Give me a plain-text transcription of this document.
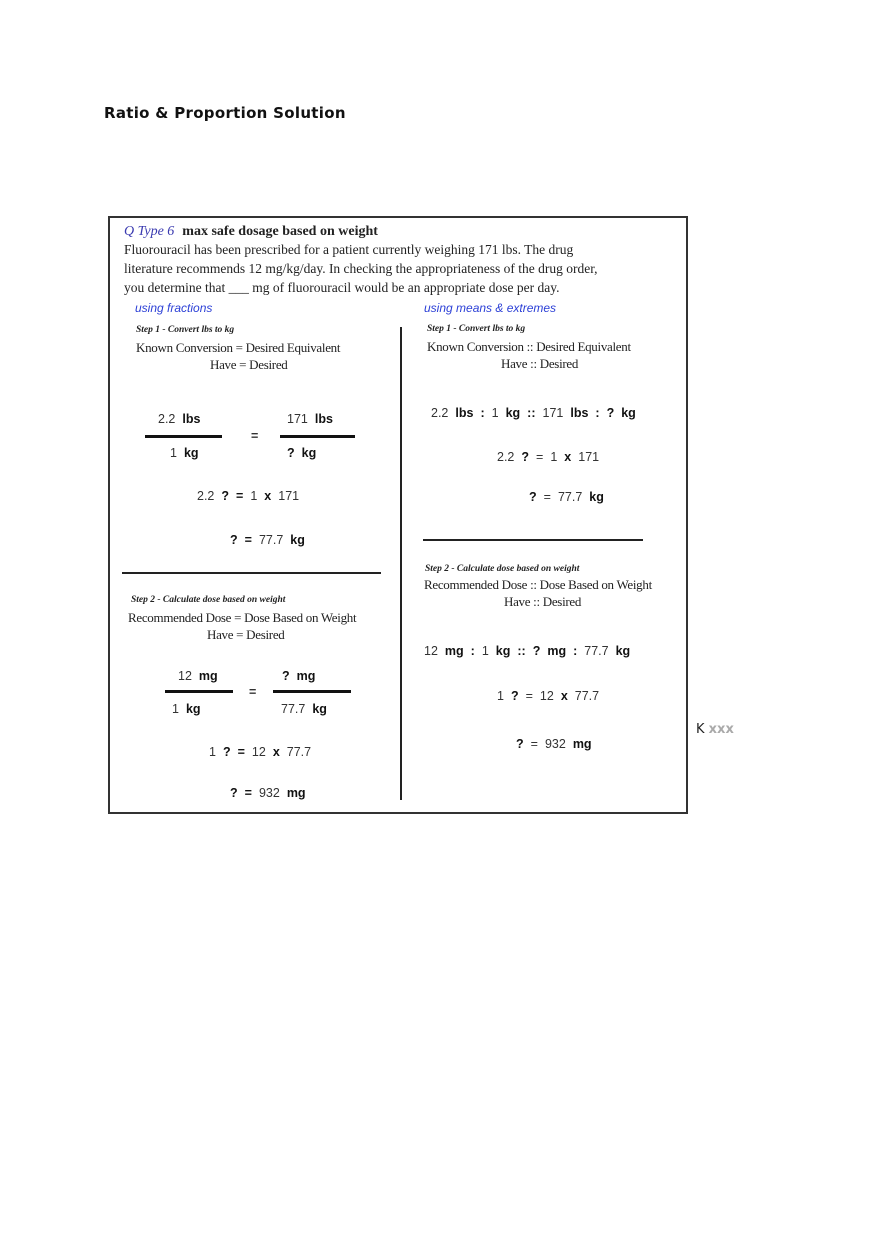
Ratio & Proportion Solution
Q Type 6 max safe dosage based on weight
Fluorouracil has been prescribed for a patient currently weighing 171 lbs. The drug
literature recommends 12 mg/kg/day. In checking the appropriateness of the drug order,
you determine that ___ mg of fluorouracil would be an appropriate dose per day.
using fractions
Step 1 - Convert lbs to kg
Known Conversion = Desired Equivalent
Have = Desired
2.2 lbs
1 kg
=
171 lbs
? kg
2.2 ? = 1 x 171
? = 77.7 kg
Step 2 - Calculate dose based on weight
Recommended Dose = Dose Based on Weight
Have = Desired
12 mg
1 kg
=
? mg
77.7 kg
1 ? = 12 x 77.7
? = 932 mg
using means & extremes
Step 1 - Convert lbs to kg
Known Conversion :: Desired Equivalent
Have :: Desired
2.2 lbs : 1 kg :: 171 lbs : ? kg
2.2 ? = 1 x 171
? = 77.7 kg
Step 2 - Calculate dose based on weight
Recommended Dose :: Dose Based on Weight
Have :: Desired
12 mg : 1 kg :: ? mg : 77.7 kg
1 ? = 12 x 77.7
? = 932 mg
K xxx
